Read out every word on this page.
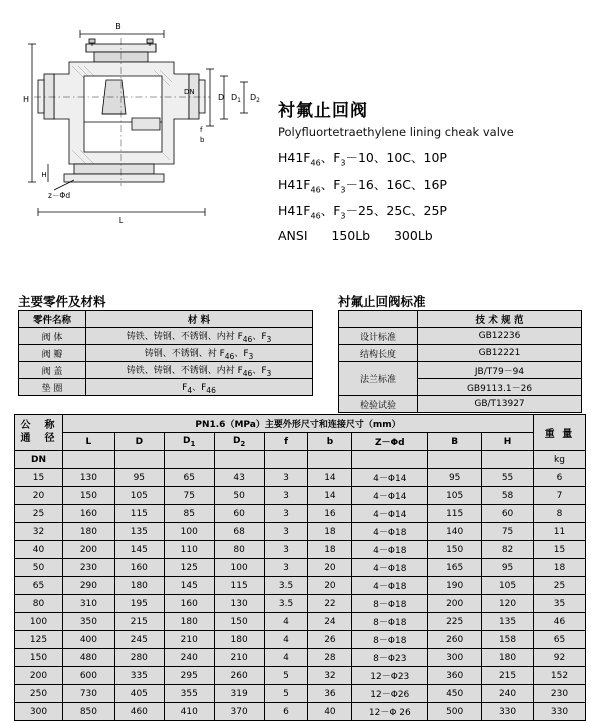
B
H
H
D $D_1$ $D_2$
DN
f
b
z－Φd
L
衬氟止回阀
Polyfluortetraethylene lining cheak valve
$H41F_{46}$、$F_3-10$、10C、10P
$H41F_{46}$、$F_3-16$、16C、16P
$H41F_{46}$、$F_3-25$、25C、25P
ANSI      150Lb      300Lb
主要零件及材料	衬氟止回阀标准
零件名称	材 料
阀 体	铸铁、铸钢、不锈钢、内衬 $F_{46}$、$F_3$
阀 瓣	铸钢、不锈钢、衬 $F_{46}$、$F_3$
阀 盖	铸铁、铸钢、不锈钢、内衬 $F_{46}$、$F_3$
垫 圈	$F_4$、$F_{46}$
	技 术 规 范
设计标准	GB12236
结构长度	GB12221
法兰标准	JB/T79－94
	GB9113.1－26
检验试验	GB/T13927
公　称
通　径	PN1.6（MPa）主要外形尺寸和连接尺寸（mm）									重 量
	L	D	$D_1$	$D_2$	f	b	Z－Φd	B	H	
DN										kg
15	130	95	65	43	3	14	4－Φ14	95	55	6
20	150	105	75	50	3	14	4－Φ14	105	58	7
25	160	115	85	60	3	16	4－Φ14	115	60	8
32	180	135	100	68	3	18	4－Φ18	140	75	11
40	200	145	110	80	3	18	4－Φ18	150	82	15
50	230	160	125	100	3	20	4－Φ18	165	95	18
65	290	180	145	115	3.5	20	4－Φ18	190	105	25
80	310	195	160	130	3.5	22	8－Φ18	200	120	35
100	350	215	180	150	4	24	8－Φ18	225	135	46
125	400	245	210	180	4	26	8－Φ18	260	158	65
150	480	280	240	210	4	28	8－Φ23	300	180	92
200	600	335	295	260	5	32	12－Φ23	360	215	152
250	730	405	355	319	5	36	12－Φ26	450	240	230
300	850	460	410	370	6	40	12－Φ 26	500	330	330
